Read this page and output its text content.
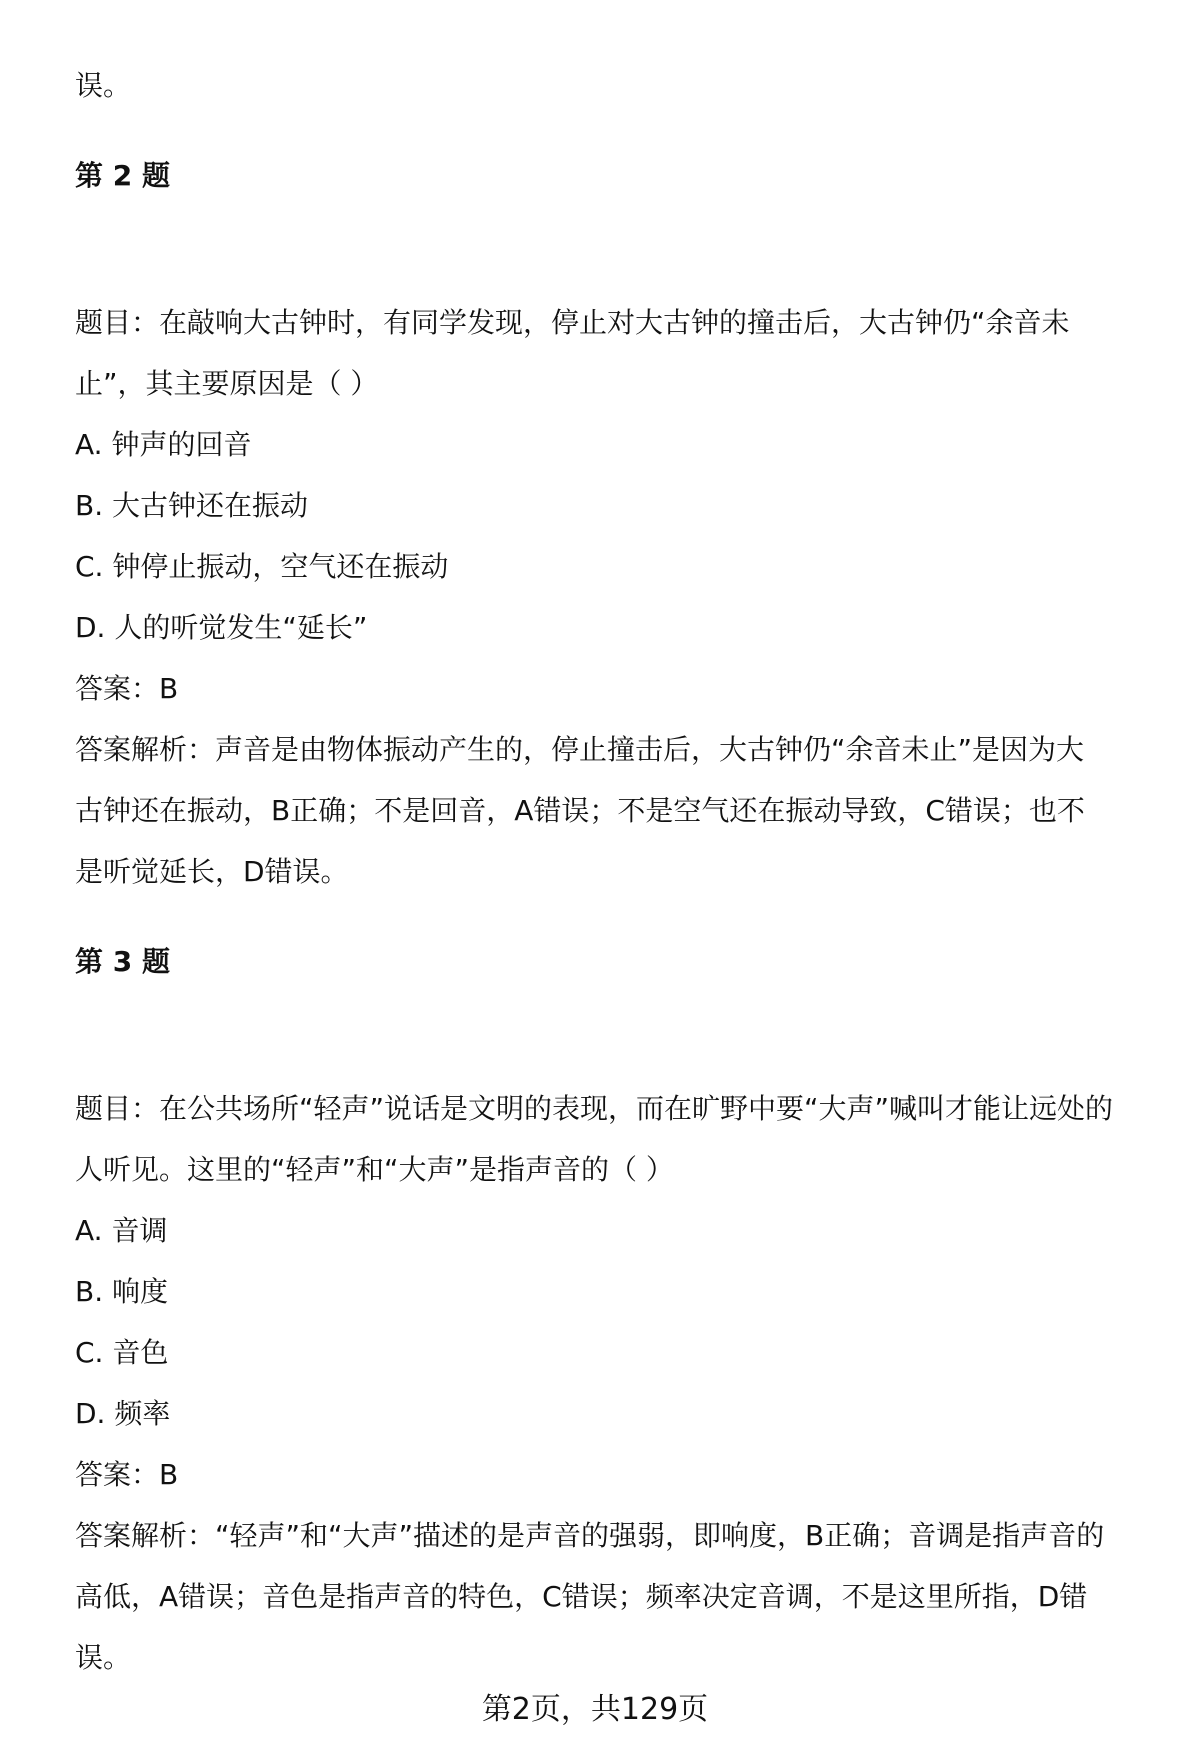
误。
第 2 题
题目：在敲响大古钟时，有同学发现，停止对大古钟的撞击后，大古钟仍“余音未
止”，其主要原因是（ ）
A. 钟声的回音
B. 大古钟还在振动
C. 钟停止振动，空气还在振动
D. 人的听觉发生“延长”
答案：B
答案解析：声音是由物体振动产生的，停止撞击后，大古钟仍“余音未止”是因为大
古钟还在振动，B正确；不是回音，A错误；不是空气还在振动导致，C错误；也不
是听觉延长，D错误。
第 3 题
题目：在公共场所“轻声”说话是文明的表现，而在旷野中要“大声”喊叫才能让远处的
人听见。这里的“轻声”和“大声”是指声音的（ ）
A. 音调
B. 响度
C. 音色
D. 频率
答案：B
答案解析：“轻声”和“大声”描述的是声音的强弱，即响度，B正确；音调是指声音的
高低，A错误；音色是指声音的特色，C错误；频率决定音调，不是这里所指，D错
误。
第2页，共129页
